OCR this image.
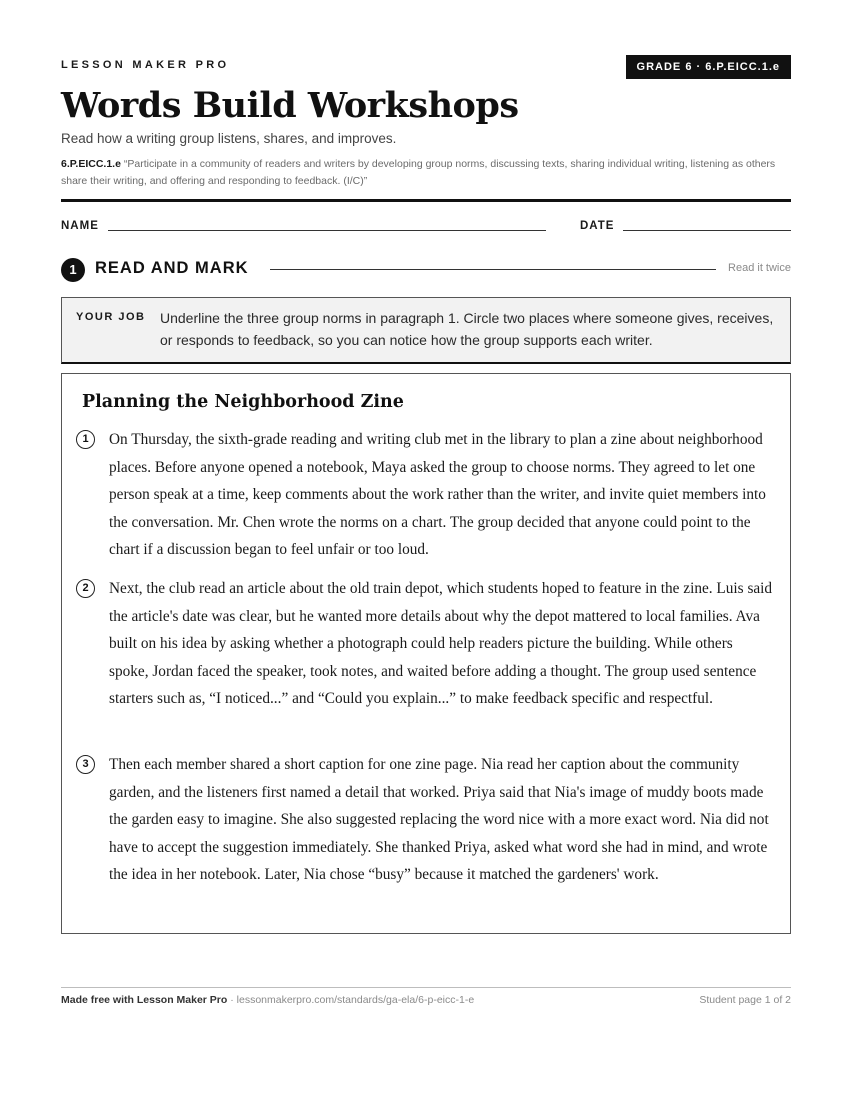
LESSON MAKER PRO	GRADE 6 · 6.P.EICC.1.e
Words Build Workshops
Read how a writing group listens, shares, and improves.
6.P.EICC.1.e “Participate in a community of readers and writers by developing group norms, discussing texts, sharing individual writing, listening as others share their writing, and offering and responding to feedback. (I/C)”
NAME	DATE
1	READ AND MARK	Read it twice
YOUR JOB Underline the three group norms in paragraph 1. Circle two places where someone gives, receives, or responds to feedback, so you can notice how the group supports each writer.
Planning the Neighborhood Zine
1	On Thursday, the sixth-grade reading and writing club met in the library to plan a zine about neighborhood places. Before anyone opened a notebook, Maya asked the group to choose norms. They agreed to let one person speak at a time, keep comments about the work rather than the writer, and invite quiet members into the conversation. Mr. Chen wrote the norms on a chart. The group decided that anyone could point to the chart if a discussion began to feel unfair or too loud.

2	Next, the club read an article about the old train depot, which students hoped to feature in the zine. Luis said the article's date was clear, but he wanted more details about why the depot mattered to local families. Ava built on his idea by asking whether a photograph could help readers picture the building. While others spoke, Jordan faced the speaker, took notes, and waited before adding a thought. The group used sentence starters such as, “I noticed...” and “Could you explain...” to make feedback specific and respectful.

3	Then each member shared a short caption for one zine page. Nia read her caption about the community garden, and the listeners first named a detail that worked. Priya said that Nia's image of muddy boots made the garden easy to imagine. She also suggested replacing the word nice with a more exact word. Nia did not have to accept the suggestion immediately. She thanked Priya, asked what word she had in mind, and wrote the idea in her notebook. Later, Nia chose “busy” because it matched the gardeners' work.

Made free with Lesson Maker Pro · lessonmakerpro.com/standards/ga-ela/6-p-eicc-1-e	Student page 1 of 2
